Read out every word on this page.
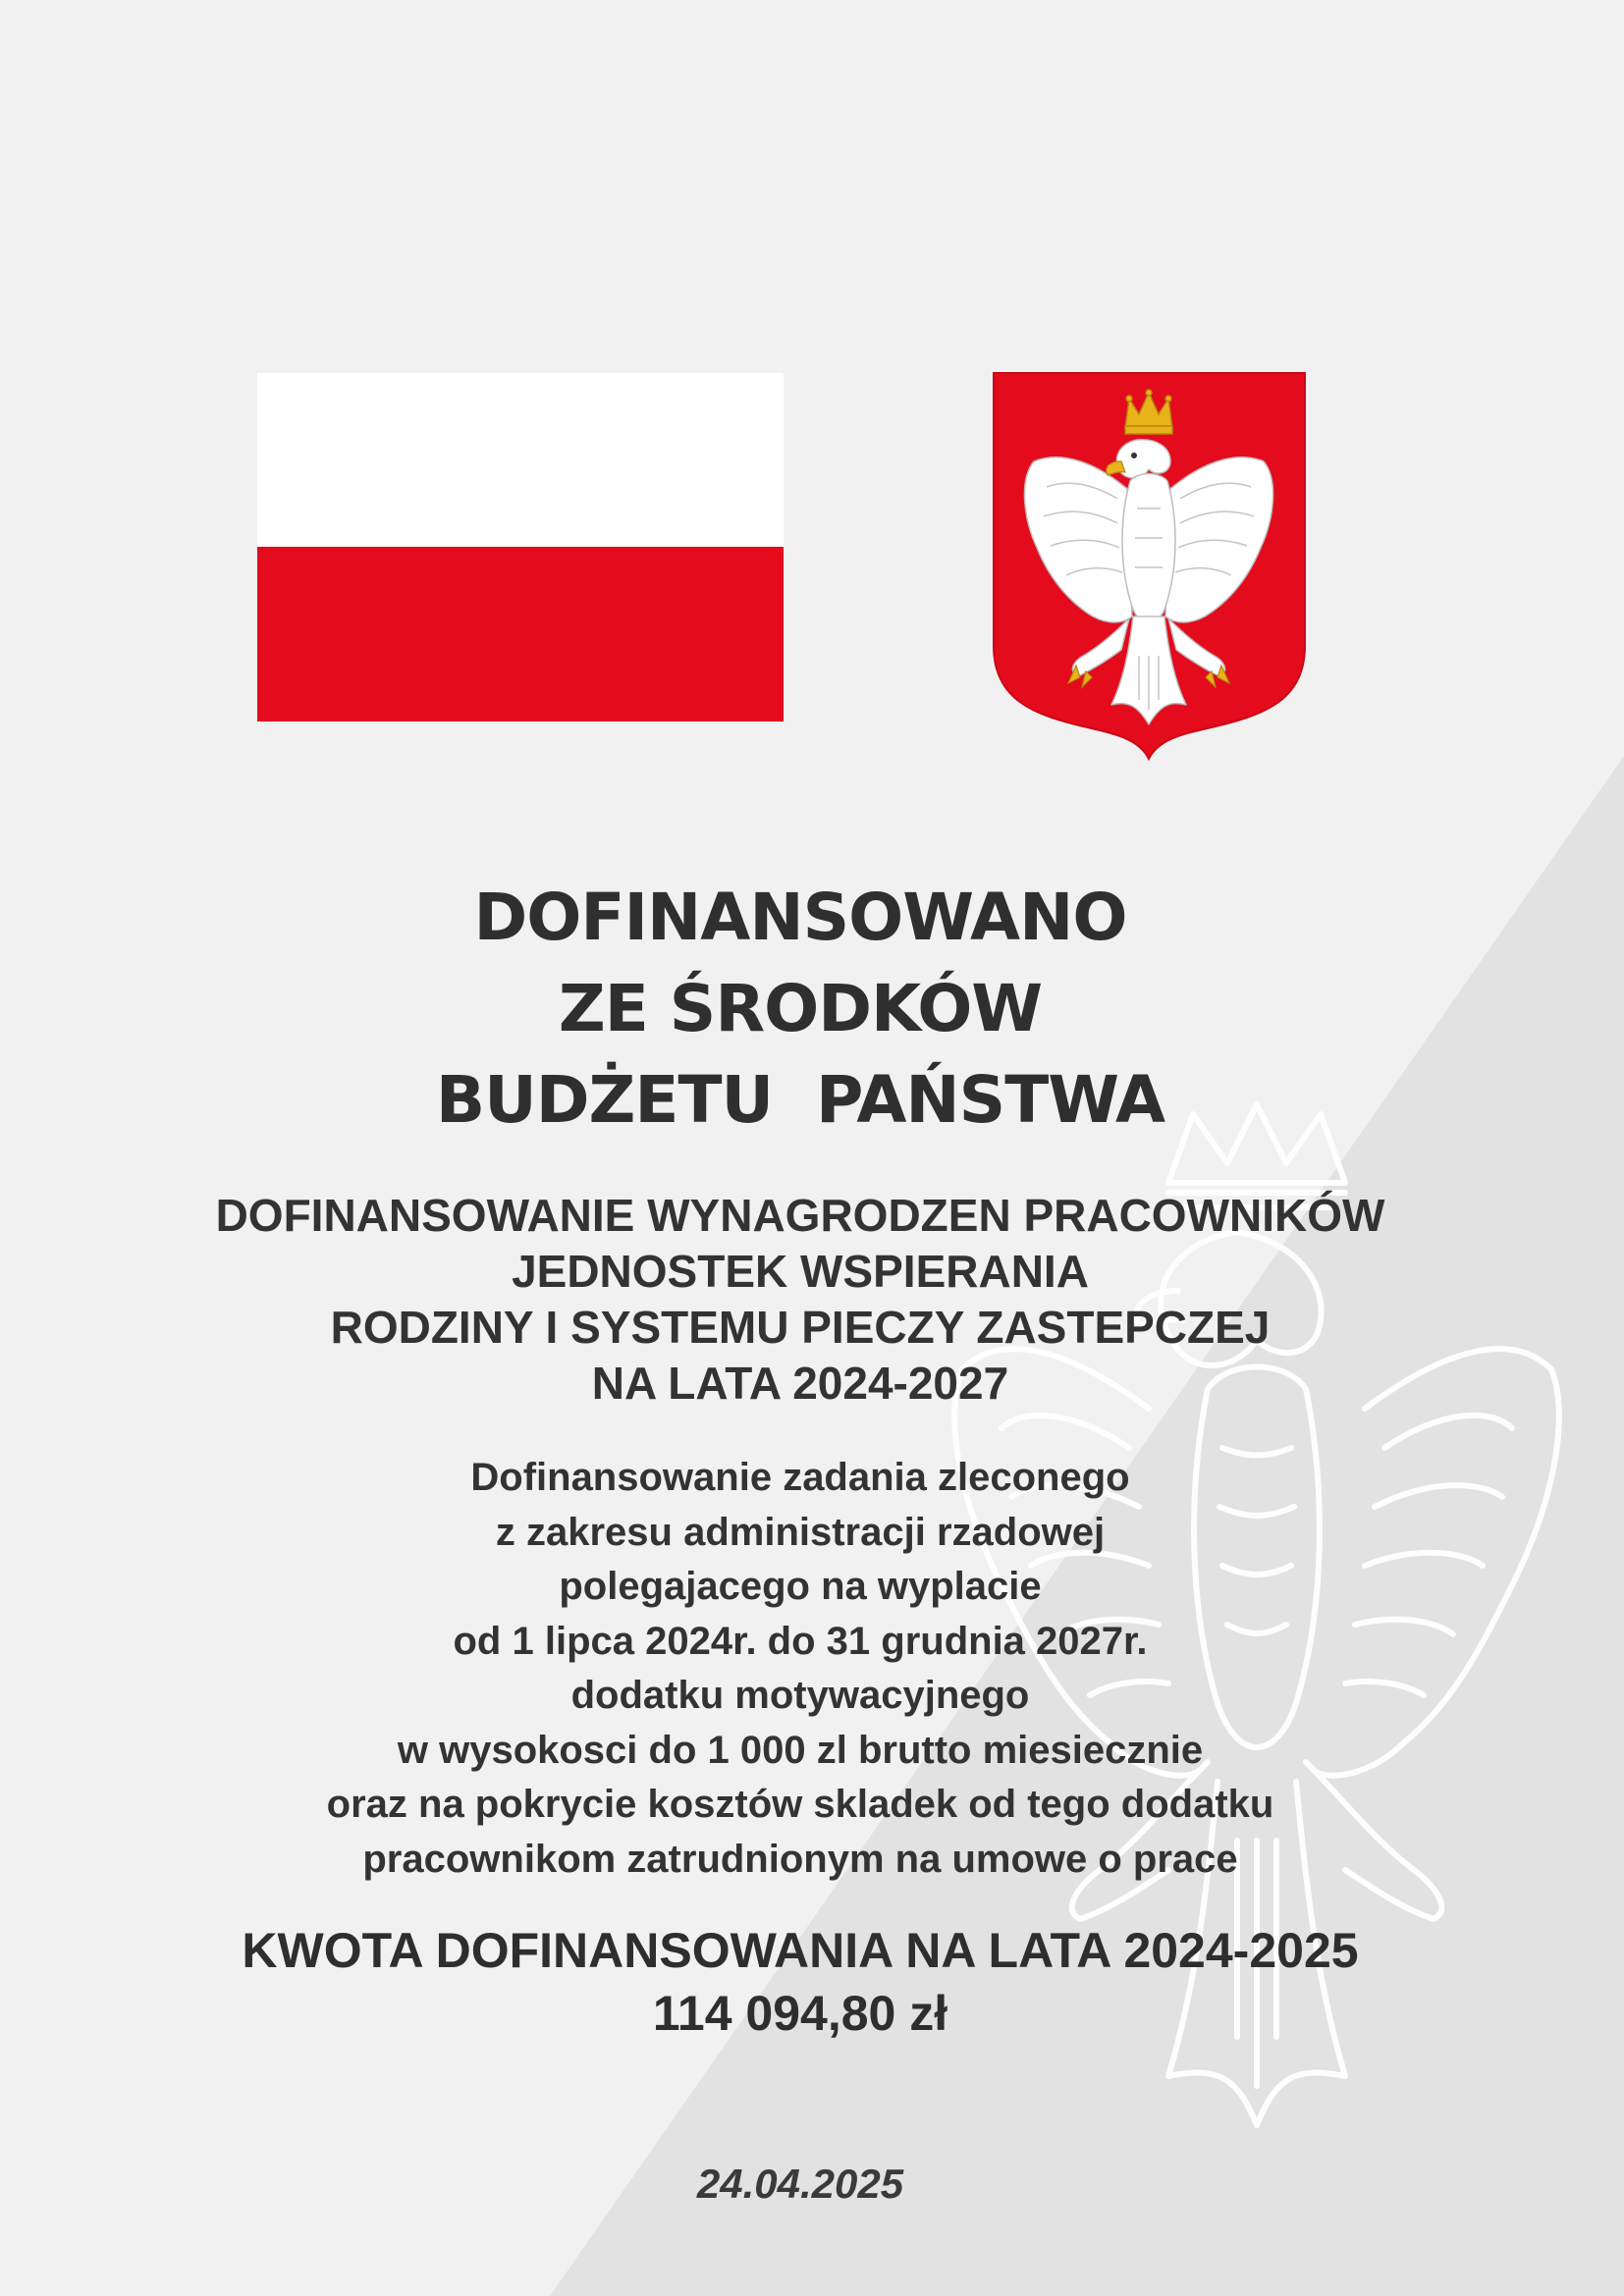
DOFINANSOWANO
ZE ŚRODKÓW
BUDŻETU  PAŃSTWA
DOFINANSOWANIE WYNAGRODZEN PRACOWNIKÓW
JEDNOSTEK WSPIERANIA
RODZINY I SYSTEMU PIECZY ZASTEPCZEJ
NA LATA 2024-2027
Dofinansowanie zadania zleconego
z zakresu administracji rzadowej
polegajacego na wyplacie
od 1 lipca 2024r. do 31 grudnia 2027r.
dodatku motywacyjnego
w wysokosci do 1 000 zl brutto miesiecznie
oraz na pokrycie kosztów skladek od tego dodatku
pracownikom zatrudnionym na umowe o prace
KWOTA DOFINANSOWANIA NA LATA 2024-2025
114 094,80 zł
24.04.2025
